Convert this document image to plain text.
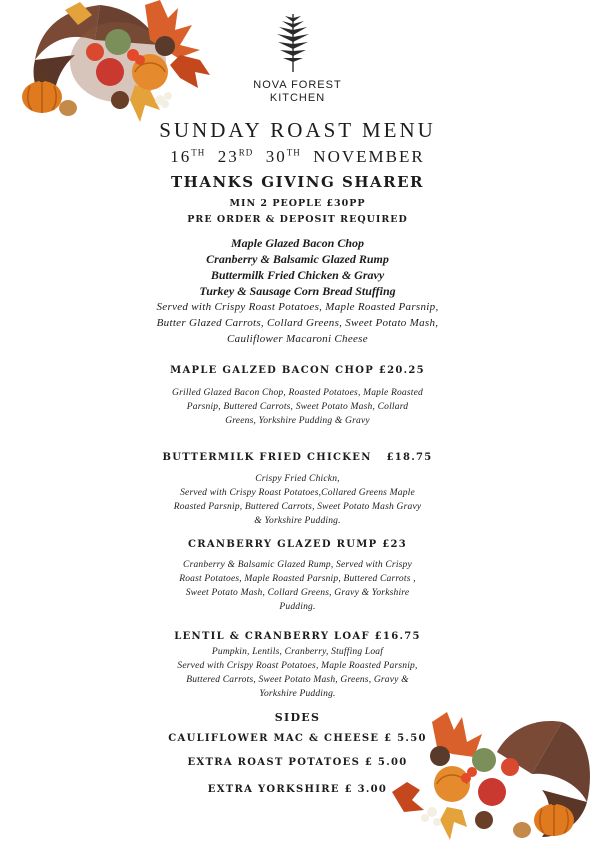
NOVA FOREST
KITCHEN
SUNDAY ROAST MENU
16TH 23RD 30TH NOVEMBER
THANKS GIVING SHARER
MIN 2 PEOPLE £30PP
PRE ORDER & DEPOSIT REQUIRED
Maple Glazed Bacon Chop
Cranberry & Balsamic Glazed Rump
Buttermilk Fried Chicken & Gravy
Turkey & Sausage Corn Bread Stuffing
Served with Crispy Roast Potatoes, Maple Roasted Parsnip,
Butter Glazed Carrots, Collard Greens, Sweet Potato Mash,
Cauliflower Macaroni Cheese
MAPLE GALZED BACON CHOP £20.25
Grilled Glazed Bacon Chop, Roasted Potatoes, Maple Roasted
Parsnip, Buttered Carrots, Sweet Potato Mash, Collard
Greens, Yorkshire Pudding & Gravy
BUTTERMILK FRIED CHICKEN £18.75
Crispy Fried Chickn,
Served with Crispy Roast Potatoes,Collared Greens Maple
Roasted Parsnip, Buttered Carrots, Sweet Potato Mash Gravy
& Yorkshire Pudding.
CRANBERRY GLAZED RUMP £23
Cranberry & Balsamic Glazed Rump, Served with Crispy
Roast Potatoes, Maple Roasted Parsnip, Buttered Carrots ,
Sweet Potato Mash, Collard Greens, Gravy & Yorkshire
Pudding.
LENTIL & CRANBERRY LOAF £16.75
Pumpkin, Lentils, Cranberry, Stuffing Loaf
Served with Crispy Roast Potatoes, Maple Roasted Parsnip,
Buttered Carrots, Sweet Potato Mash, Greens, Gravy &
Yorkshire Pudding.
SIDES
CAULIFLOWER MAC & CHEESE £ 5.50
EXTRA ROAST POTATOES £ 5.00
EXTRA YORKSHIRE £ 3.00
